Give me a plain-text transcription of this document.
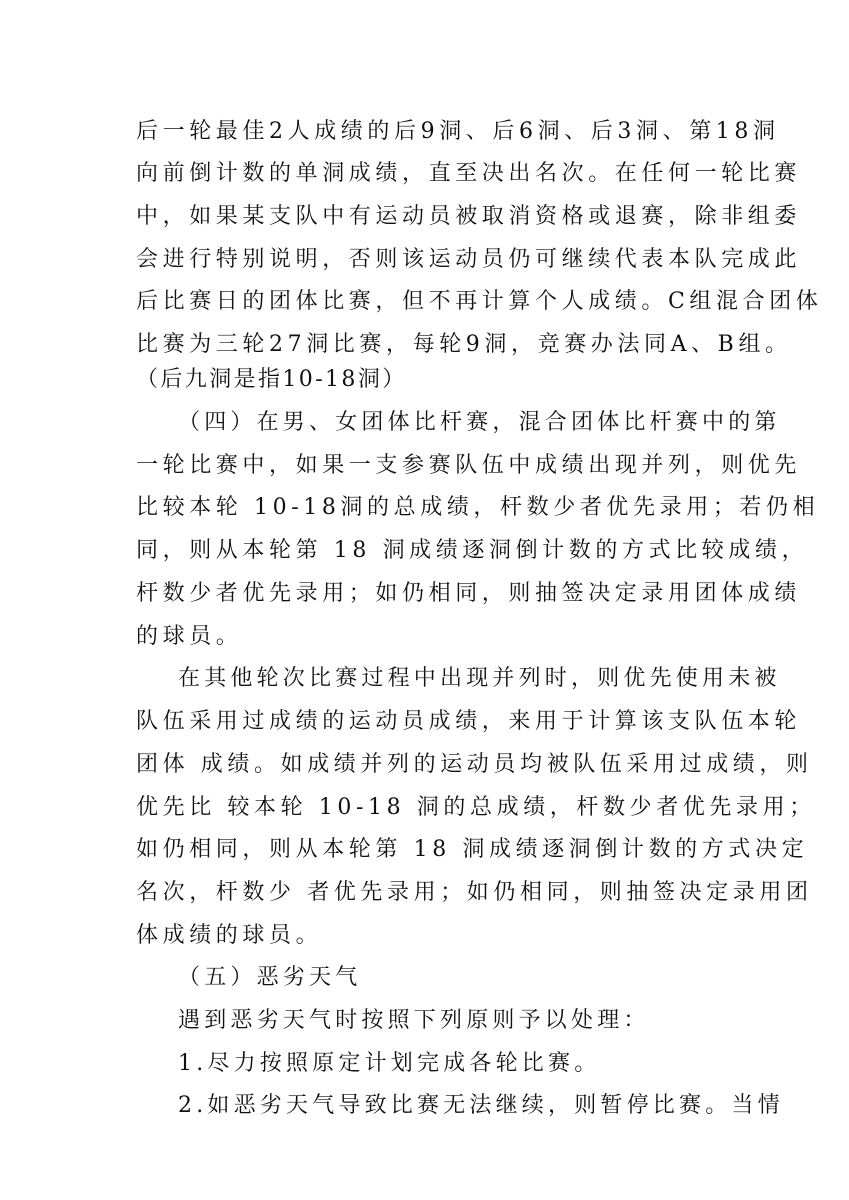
后一轮最佳2人成绩的后9洞、后6洞、后3洞、第18洞
向前倒计数的单洞成绩，直至决出名次。在任何一轮比赛
中，如果某支队中有运动员被取消资格或退赛，除非组委
会进行特别说明，否则该运动员仍可继续代表本队完成此
后比赛日的团体比赛，但不再计算个人成绩。C组混合团体
比赛为三轮27洞比赛，每轮9洞，竞赛办法同A、B组。
（后九洞是指10-18洞）
（四）在男、女团体比杆赛，混合团体比杆赛中的第
一轮比赛中，如果一支参赛队伍中成绩出现并列，则优先
比较本轮 10-18洞的总成绩，杆数少者优先录用；若仍相
同，则从本轮第 18 洞成绩逐洞倒计数的方式比较成绩，
杆数少者优先录用；如仍相同，则抽签决定录用团体成绩
的球员。
在其他轮次比赛过程中出现并列时，则优先使用未被
队伍采用过成绩的运动员成绩，来用于计算该支队伍本轮
团体 成绩。如成绩并列的运动员均被队伍采用过成绩，则
优先比 较本轮 10-18 洞的总成绩，杆数少者优先录用；
如仍相同，则从本轮第 18 洞成绩逐洞倒计数的方式决定
名次，杆数少 者优先录用；如仍相同，则抽签决定录用团
体成绩的球员。
（五）恶劣天气
遇到恶劣天气时按照下列原则予以处理：
1.尽力按照原定计划完成各轮比赛。
2.如恶劣天气导致比赛无法继续，则暂停比赛。当情
